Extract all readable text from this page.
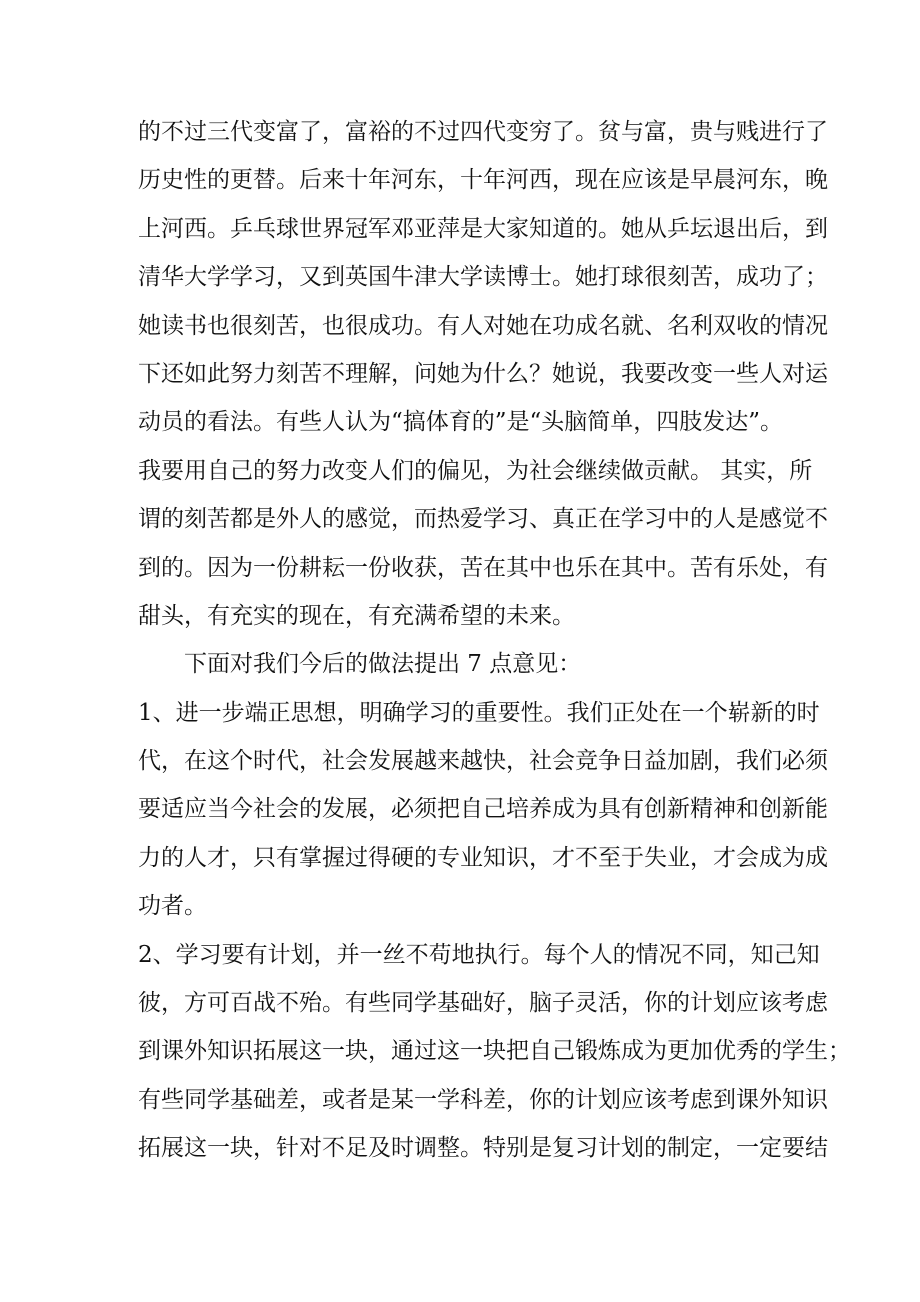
的不过三代变富了，富裕的不过四代变穷了。贫与富，贵与贱进行了
历史性的更替。后来十年河东，十年河西，现在应该是早晨河东，晚
上河西。乒乓球世界冠军邓亚萍是大家知道的。她从乒坛退出后，到
清华大学学习，又到英国牛津大学读博士。她打球很刻苦，成功了；
她读书也很刻苦，也很成功。有人对她在功成名就、名利双收的情况
下还如此努力刻苦不理解，问她为什么？她说，我要改变一些人对运
动员的看法。有些人认为“搞体育的”是“头脑简单，四肢发达”。
我要用自己的努力改变人们的偏见，为社会继续做贡献。 其实，所
谓的刻苦都是外人的感觉，而热爱学习、真正在学习中的人是感觉不
到的。因为一份耕耘一份收获，苦在其中也乐在其中。苦有乐处，有
甜头，有充实的现在，有充满希望的未来。
下面对我们今后的做法提出 7 点意见：
1、进一步端正思想，明确学习的重要性。我们正处在一个崭新的时
代，在这个时代，社会发展越来越快，社会竞争日益加剧，我们必须
要适应当今社会的发展，必须把自己培养成为具有创新精神和创新能
力的人才，只有掌握过得硬的专业知识，才不至于失业，才会成为成
功者。
2、学习要有计划，并一丝不苟地执行。每个人的情况不同，知己知
彼，方可百战不殆。有些同学基础好，脑子灵活，你的计划应该考虑
到课外知识拓展这一块，通过这一块把自己锻炼成为更加优秀的学生；
有些同学基础差，或者是某一学科差，你的计划应该考虑到课外知识
拓展这一块，针对不足及时调整。特别是复习计划的制定，一定要结
